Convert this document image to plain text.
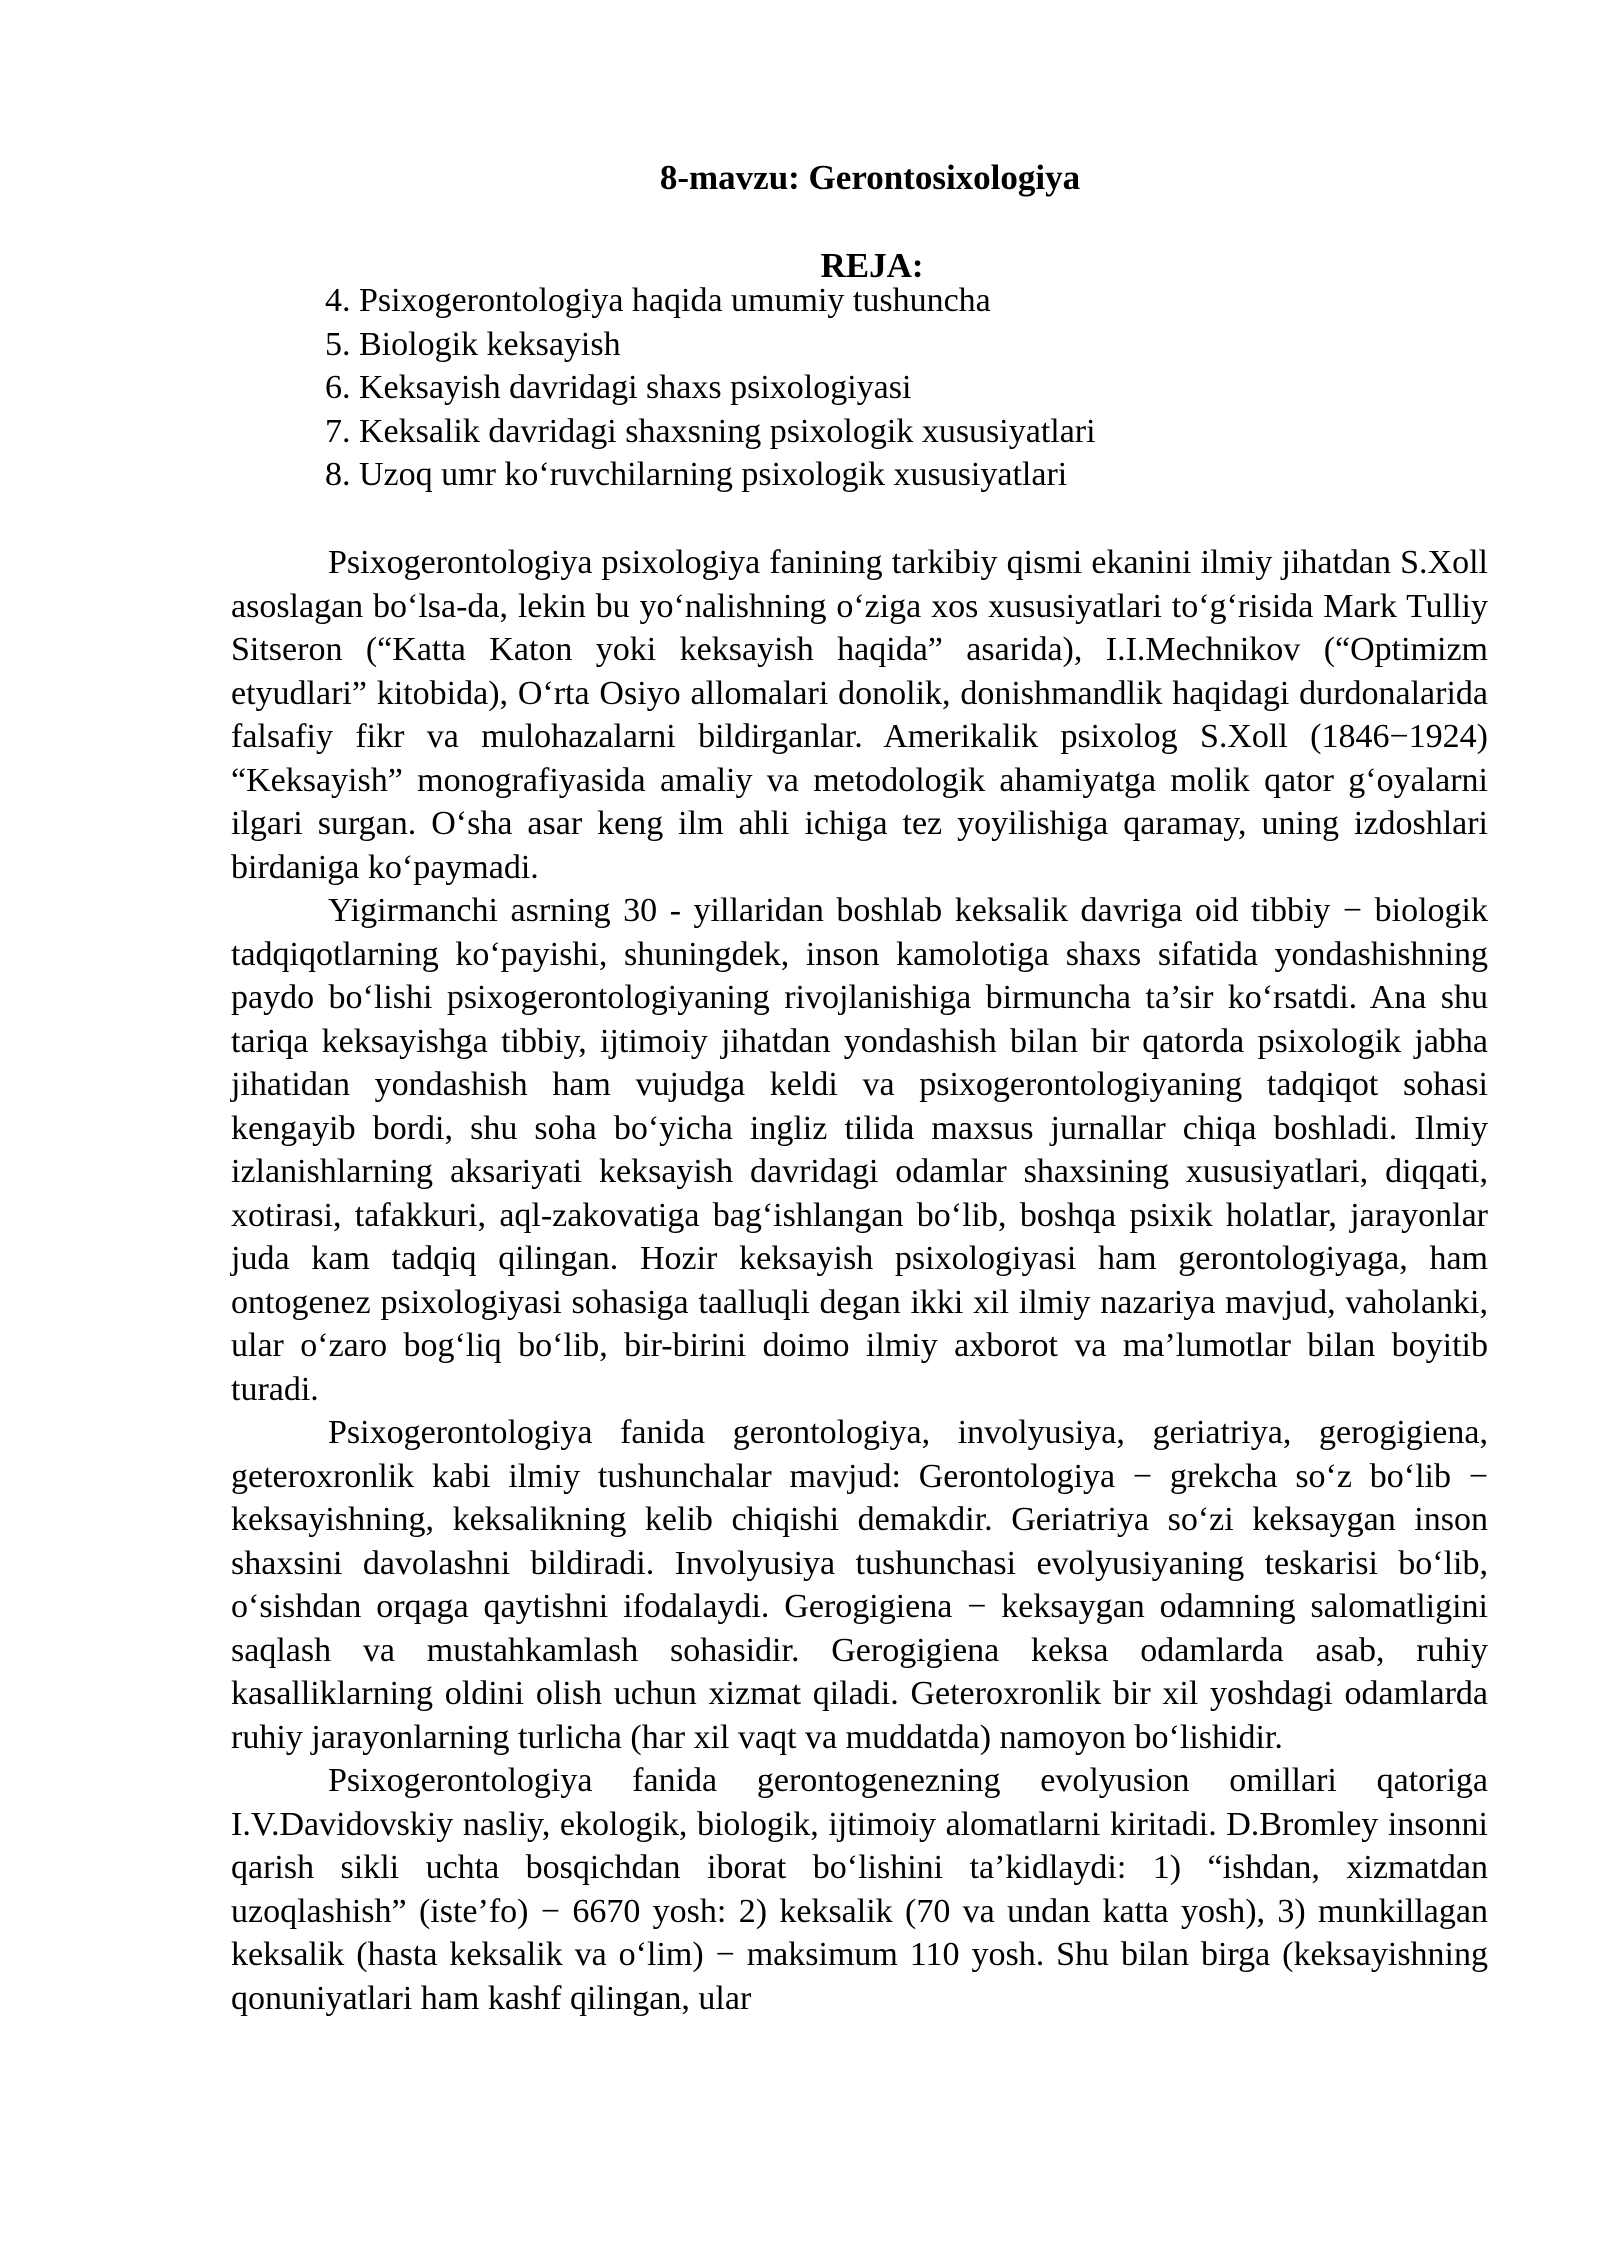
8-mavzu: Gerontosixologiya
REJA:
4. Psixogerontologiya haqida umumiy tushuncha
5. Biologik keksayish
6. Keksayish davridagi shaxs psixologiyasi
7. Keksalik davridagi shaxsning psixologik xususiyatlari
8. Uzoq umr ko‘ruvchilarning psixologik xususiyatlari

Psixogerontologiya psixologiya fanining tarkibiy qismi ekanini ilmiy jihatdan S.Xoll asoslagan bo‘lsa-da, lekin bu yo‘nalishning o‘ziga xos xususiyatlari to‘g‘risida Mark Tulliy Sitseron (“Katta Katon yoki keksayish haqida” asarida), I.I.Mechnikov (“Optimizm etyudlari” kitobida), O‘rta Osiyo allomalari donolik, donishmandlik haqidagi durdonalarida falsafiy fikr va mulohazalarni bildirganlar. Amerikalik psixolog S.Xoll (1846−1924) “Keksayish” monografiyasida amaliy va metodologik ahamiyatga molik qator g‘oyalarni ilgari surgan. O‘sha asar keng ilm ahli ichiga tez yoyilishiga qaramay, uning izdoshlari birdaniga ko‘paymadi.

Yigirmanchi asrning 30 - yillaridan boshlab keksalik davriga oid tibbiy − biologik tadqiqotlarning ko‘payishi, shuningdek, inson kamolotiga shaxs sifatida yondashishning paydo bo‘lishi psixogerontologiyaning rivojlanishiga birmuncha ta’sir ko‘rsatdi. Ana shu tariqa keksayishga tibbiy, ijtimoiy jihatdan yondashish bilan bir qatorda psixologik jabha jihatidan yondashish ham vujudga keldi va psixogerontologiyaning tadqiqot sohasi kengayib bordi, shu soha bo‘yicha ingliz tilida maxsus jurnallar chiqa boshladi. Ilmiy izlanishlarning aksariyati keksayish davridagi odamlar shaxsining xususiyatlari, diqqati, xotirasi, tafakkuri, aql-zakovatiga bag‘ishlangan bo‘lib, boshqa psixik holatlar, jarayonlar juda kam tadqiq qilingan. Hozir keksayish psixologiyasi ham gerontologiyaga, ham ontogenez psixologiyasi sohasiga taalluqli degan ikki xil ilmiy nazariya mavjud, vaholanki, ular o‘zaro bog‘liq bo‘lib, bir-birini doimo ilmiy axborot va ma’lumotlar bilan boyitib turadi.

Psixogerontologiya fanida gerontologiya, involyusiya, geriatriya, gerogigiena, geteroxronlik kabi ilmiy tushunchalar mavjud: Gerontologiya − grekcha so‘z bo‘lib − keksayishning, keksalikning kelib chiqishi demakdir. Geriatriya so‘zi keksaygan inson shaxsini davolashni bildiradi. Involyusiya tushunchasi evolyusiyaning teskarisi bo‘lib, o‘sishdan orqaga qaytishni ifodalaydi. Gerogigiena − keksaygan odamning salomatligini saqlash va mustahkamlash sohasidir. Gerogigiena keksa odamlarda asab, ruhiy kasalliklarning oldini olish uchun xizmat qiladi. Geteroxronlik bir xil yoshdagi odamlarda ruhiy jarayonlarning turlicha (har xil vaqt va muddatda) namoyon bo‘lishidir.

Psixogerontologiya fanida gerontogenezning evolyusion omillari qatoriga I.V.Davidovskiy nasliy, ekologik, biologik, ijtimoiy alomatlarni kiritadi. D.Bromley insonni qarish sikli uchta bosqichdan iborat bo‘lishini ta’kidlaydi: 1) “ishdan, xizmatdan uzoqlashish” (iste’fo) − 6670 yosh: 2) keksalik (70 va undan katta yosh), 3) munkillagan keksalik (hasta keksalik va o‘lim) − maksimum 110 yosh. Shu bilan birga (keksayishning qonuniyatlari ham kashf qilingan, ular
